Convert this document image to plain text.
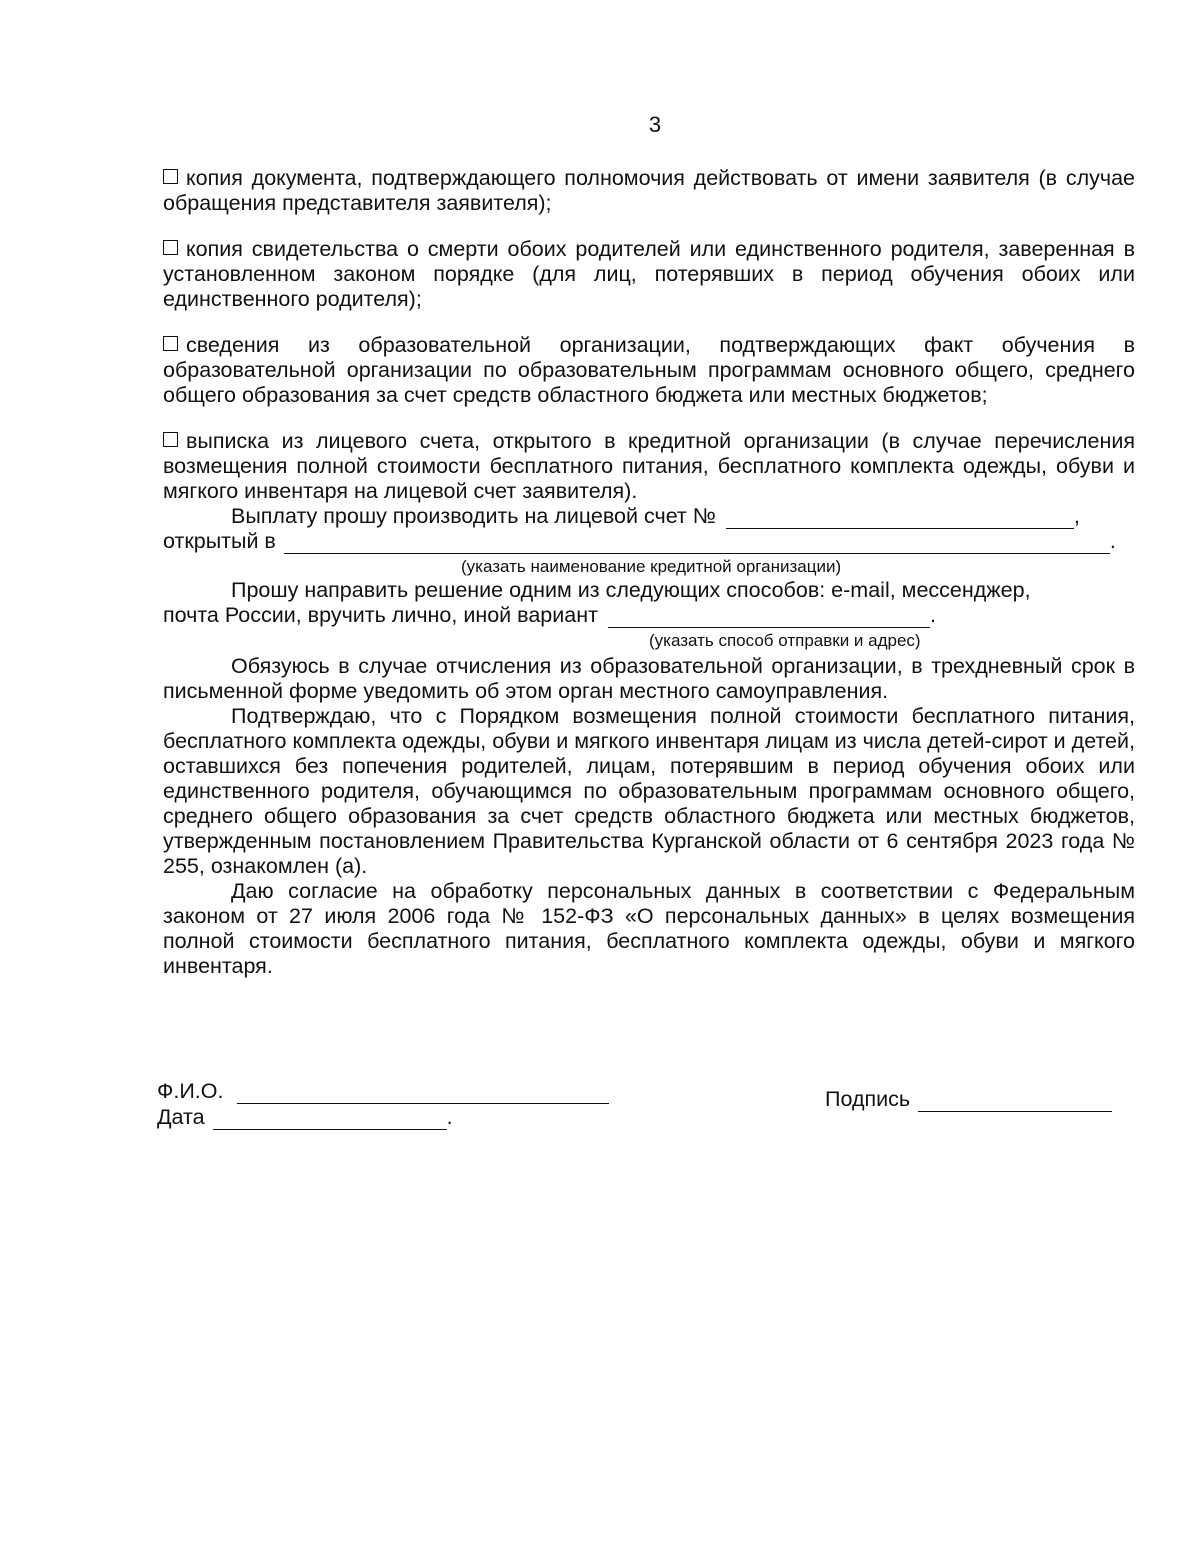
3
копия документа, подтверждающего полномочия действовать от имени заявителя (в случае обращения представителя заявителя);
копия свидетельства о смерти обоих родителей или единственного родителя, заверенная в установленном законом порядке (для лиц, потерявших в период обучения обоих или единственного родителя);
сведения из образовательной организации, подтверждающих факт обучения в образовательной организации по образовательным программам основного общего, среднего общего образования за счет средств областного бюджета или местных бюджетов;
выписка из лицевого счета, открытого в кредитной организации (в случае перечисления возмещения полной стоимости бесплатного питания, бесплатного комплекта одежды, обуви и мягкого инвентаря на лицевой счет заявителя).
Выплату прошу производить на лицевой счет №	,
открытый в	.
(указать наименование кредитной организации)
Прошу направить решение одним из следующих способов: e-mail, мессенджер,
почта России, вручить лично, иной вариант	.
(указать способ отправки и адрес)
Обязуюсь в случае отчисления из образовательной организации, в трехдневный срок в письменной форме уведомить об этом орган местного самоуправления.
Подтверждаю, что с Порядком возмещения полной стоимости бесплатного питания, бесплатного комплекта одежды, обуви и мягкого инвентаря лицам из числа детей-сирот и детей, оставшихся без попечения родителей, лицам, потерявшим в период обучения обоих или единственного родителя, обучающимся по образовательным программам основного общего, среднего общего образования за счет средств областного бюджета или местных бюджетов, утвержденным постановлением Правительства Курганской области от 6 сентября 2023 года № 255, ознакомлен (а).
Даю согласие на обработку персональных данных в соответствии с Федеральным законом от 27 июля 2006 года № 152-ФЗ «О персональных данных» в целях возмещения полной стоимости бесплатного питания, бесплатного комплекта одежды, обуви и мягкого инвентаря.
Ф.И.О.
Дата	.
Подпись
